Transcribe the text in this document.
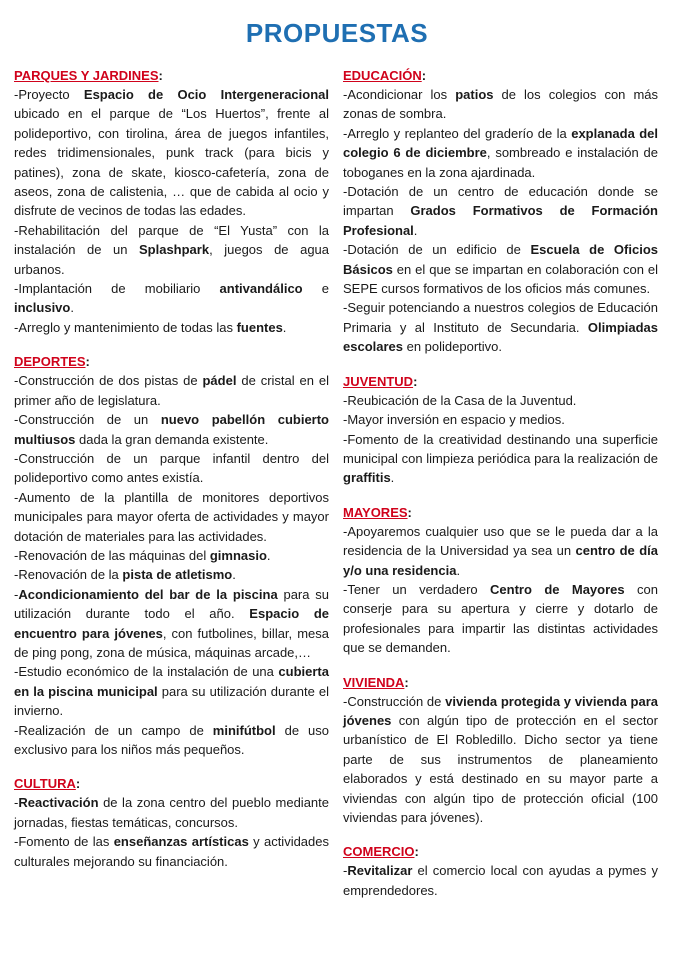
PROPUESTAS
PARQUES Y JARDINES:

-Proyecto Espacio de Ocio Intergeneracional ubicado en el parque de “Los Huertos”, frente al polideportivo, con tirolina, área de juegos infantiles, redes tridimensionales, punk track (para bicis y patines), zona de skate, kiosco-cafetería, zona de aseos, zona de calistenia, … que de cabida al ocio y disfrute de vecinos de todas las edades.

-Rehabilitación del parque de “El Yusta” con la instalación de un Splashpark, juegos de agua urbanos.

-Implantación de mobiliario antivandálico e inclusivo.

-Arreglo y mantenimiento de todas las fuentes.

DEPORTES:

-Construcción de dos pistas de pádel de cristal en el primer año de legislatura.

-Construcción de un nuevo pabellón cubierto multiusos dada la gran demanda existente.

-Construcción de un parque infantil dentro del polideportivo como antes existía.

-Aumento de la plantilla de monitores deportivos municipales para mayor oferta de actividades y mayor dotación de materiales para las actividades.

-Renovación de las máquinas del gimnasio.

-Renovación de la pista de atletismo.

-Acondicionamiento del bar de la piscina para su utilización durante todo el año. Espacio de encuentro para jóvenes, con futbolines, billar, mesa de ping pong, zona de música, máquinas arcade,…

-Estudio económico de la instalación de una cubierta en la piscina municipal para su utilización durante el invierno.

-Realización de un campo de minifútbol de uso exclusivo para los niños más pequeños.

CULTURA:

-Reactivación de la zona centro del pueblo mediante jornadas, fiestas temáticas, concursos.

-Fomento de las enseñanzas artísticas y actividades culturales mejorando su financiación.

EDUCACIÓN:

-Acondicionar los patios de los colegios con más zonas de sombra.

-Arreglo y replanteo del graderío de la explanada del colegio 6 de diciembre, sombreado e instalación de toboganes en la zona ajardinada.

-Dotación de un centro de educación donde se impartan Grados Formativos de Formación Profesional.

-Dotación de un edificio de Escuela de Oficios Básicos en el que se impartan en colaboración con el SEPE cursos formativos de los oficios más comunes.

-Seguir potenciando a nuestros colegios de Educación Primaria y al Instituto de Secundaria. Olimpiadas escolares en polideportivo.

JUVENTUD:

-Reubicación de la Casa de la Juventud.

-Mayor inversión en espacio y medios.

-Fomento de la creatividad destinando una superficie municipal con limpieza periódica para la realización de graffitis.

MAYORES:

-Apoyaremos cualquier uso que se le pueda dar a la residencia de la Universidad ya sea un centro de día y/o una residencia.

-Tener un verdadero Centro de Mayores con conserje para su apertura y cierre y dotarlo de profesionales para impartir las distintas actividades que se demanden.

VIVIENDA:

-Construcción de vivienda protegida y vivienda para jóvenes con algún tipo de protección en el sector urbanístico de El Robledillo. Dicho sector ya tiene parte de sus instrumentos de planeamiento elaborados y está destinado en su mayor parte a viviendas con algún tipo de protección oficial (100 viviendas para jóvenes).

COMERCIO:

-Revitalizar el comercio local con ayudas a pymes y emprendedores.
